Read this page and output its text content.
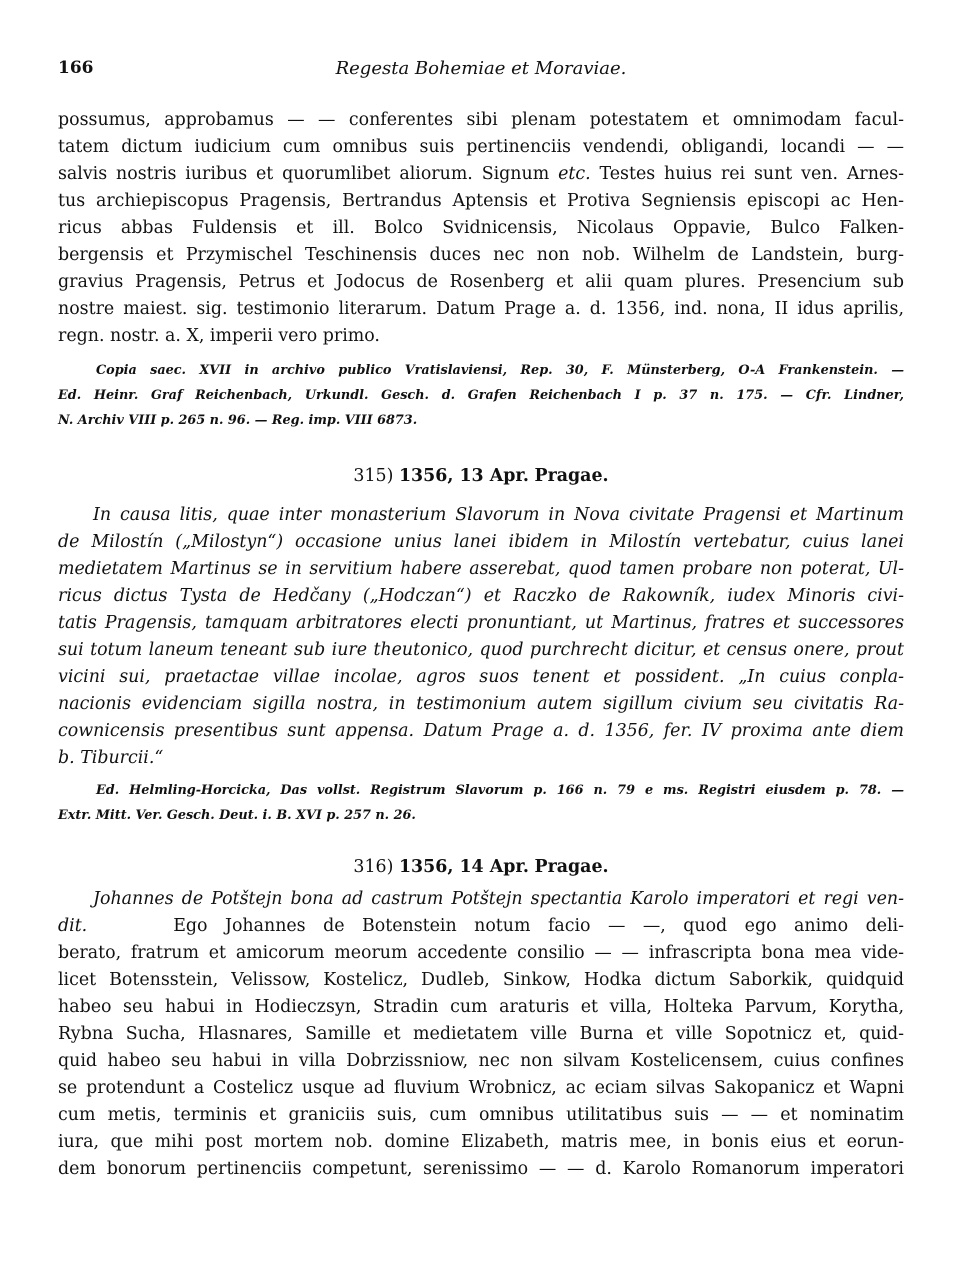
166	Regesta Bohemiae et Moraviae.
possumus, approbamus — — conferentes sibi plenam potestatem et omnimodam facul-
tatem dictum iudicium cum omnibus suis pertinenciis vendendi, obligandi, locandi — —
salvis nostris iuribus et quorumlibet aliorum. Signum etc. Testes huius rei sunt ven. Arnes-
tus archiepiscopus Pragensis, Bertrandus Aptensis et Protiva Segniensis episcopi ac Hen-
ricus abbas Fuldensis et ill. Bolco Svidnicensis, Nicolaus Oppavie, Bulco Falken-
bergensis et Przymischel Teschinensis duces nec non nob. Wilhelm de Landstein, burg-
gravius Pragensis, Petrus et Jodocus de Rosenberg et alii quam plures. Presencium sub
nostre maiest. sig. testimonio literarum. Datum Prage a. d. 1356, ind. nona, II idus aprilis,
regn. nostr. a. X, imperii vero primo.
Copia saec. XVII in archivo publico Vratislaviensi, Rep. 30, F. Münsterberg, O-A Frankenstein. —
Ed. Heinr. Graf Reichenbach, Urkundl. Gesch. d. Grafen Reichenbach I p. 37 n. 175. — Cfr. Lindner,
N. Archiv VIII p. 265 n. 96. — Reg. imp. VIII 6873.
315) 1356, 13 Apr. Pragae.
In causa litis, quae inter monasterium Slavorum in Nova civitate Pragensi et Martinum
de Milostín („Milostyn“) occasione unius lanei ibidem in Milostín vertebatur, cuius lanei
medietatem Martinus se in servitium habere asserebat, quod tamen probare non poterat, Ul-
ricus dictus Tysta de Hedčany („Hodczan“) et Raczko de Rakowník, iudex Minoris civi-
tatis Pragensis, tamquam arbitratores electi pronuntiant, ut Martinus, fratres et successores
sui totum laneum teneant sub iure theutonico, quod purchrecht dicitur, et census onere, prout
vicini sui, praetactae villae incolae, agros suos tenent et possident. „In cuius conpla-
nacionis evidenciam sigilla nostra, in testimonium autem sigillum civium seu civitatis Ra-
cownicensis presentibus sunt appensa. Datum Prage a. d. 1356, fer. IV proxima ante diem
b. Tiburcii.“
Ed. Helmling-Horcicka, Das vollst. Registrum Slavorum p. 166 n. 79 e ms. Registri eiusdem p. 78. —
Extr. Mitt. Ver. Gesch. Deut. i. B. XVI p. 257 n. 26.
316) 1356, 14 Apr. Pragae.
Johannes de Potštejn bona ad castrum Potštejn spectantia Karolo imperatori et regi ven-
dit.	Ego Johannes de Botenstein notum facio — —, quod ego animo deli-
berato, fratrum et amicorum meorum accedente consilio — — infrascripta bona mea vide-
licet Botensstein, Velissow, Kostelicz, Dudleb, Sinkow, Hodka dictum Saborkik, quidquid
habeo seu habui in Hodieczsyn, Stradin cum araturis et villa, Holteka Parvum, Korytha,
Rybna Sucha, Hlasnares, Samille et medietatem ville Burna et ville Sopotnicz et, quid-
quid habeo seu habui in villa Dobrzissniow, nec non silvam Kostelicensem, cuius confines
se protendunt a Costelicz usque ad fluvium Wrobnicz, ac eciam silvas Sakopanicz et Wapni
cum metis, terminis et graniciis suis, cum omnibus utilitatibus suis — — et nominatim
iura, que mihi post mortem nob. domine Elizabeth, matris mee, in bonis eius et eorun-
dem bonorum pertinenciis competunt, serenissimo — — d. Karolo Romanorum imperatori
